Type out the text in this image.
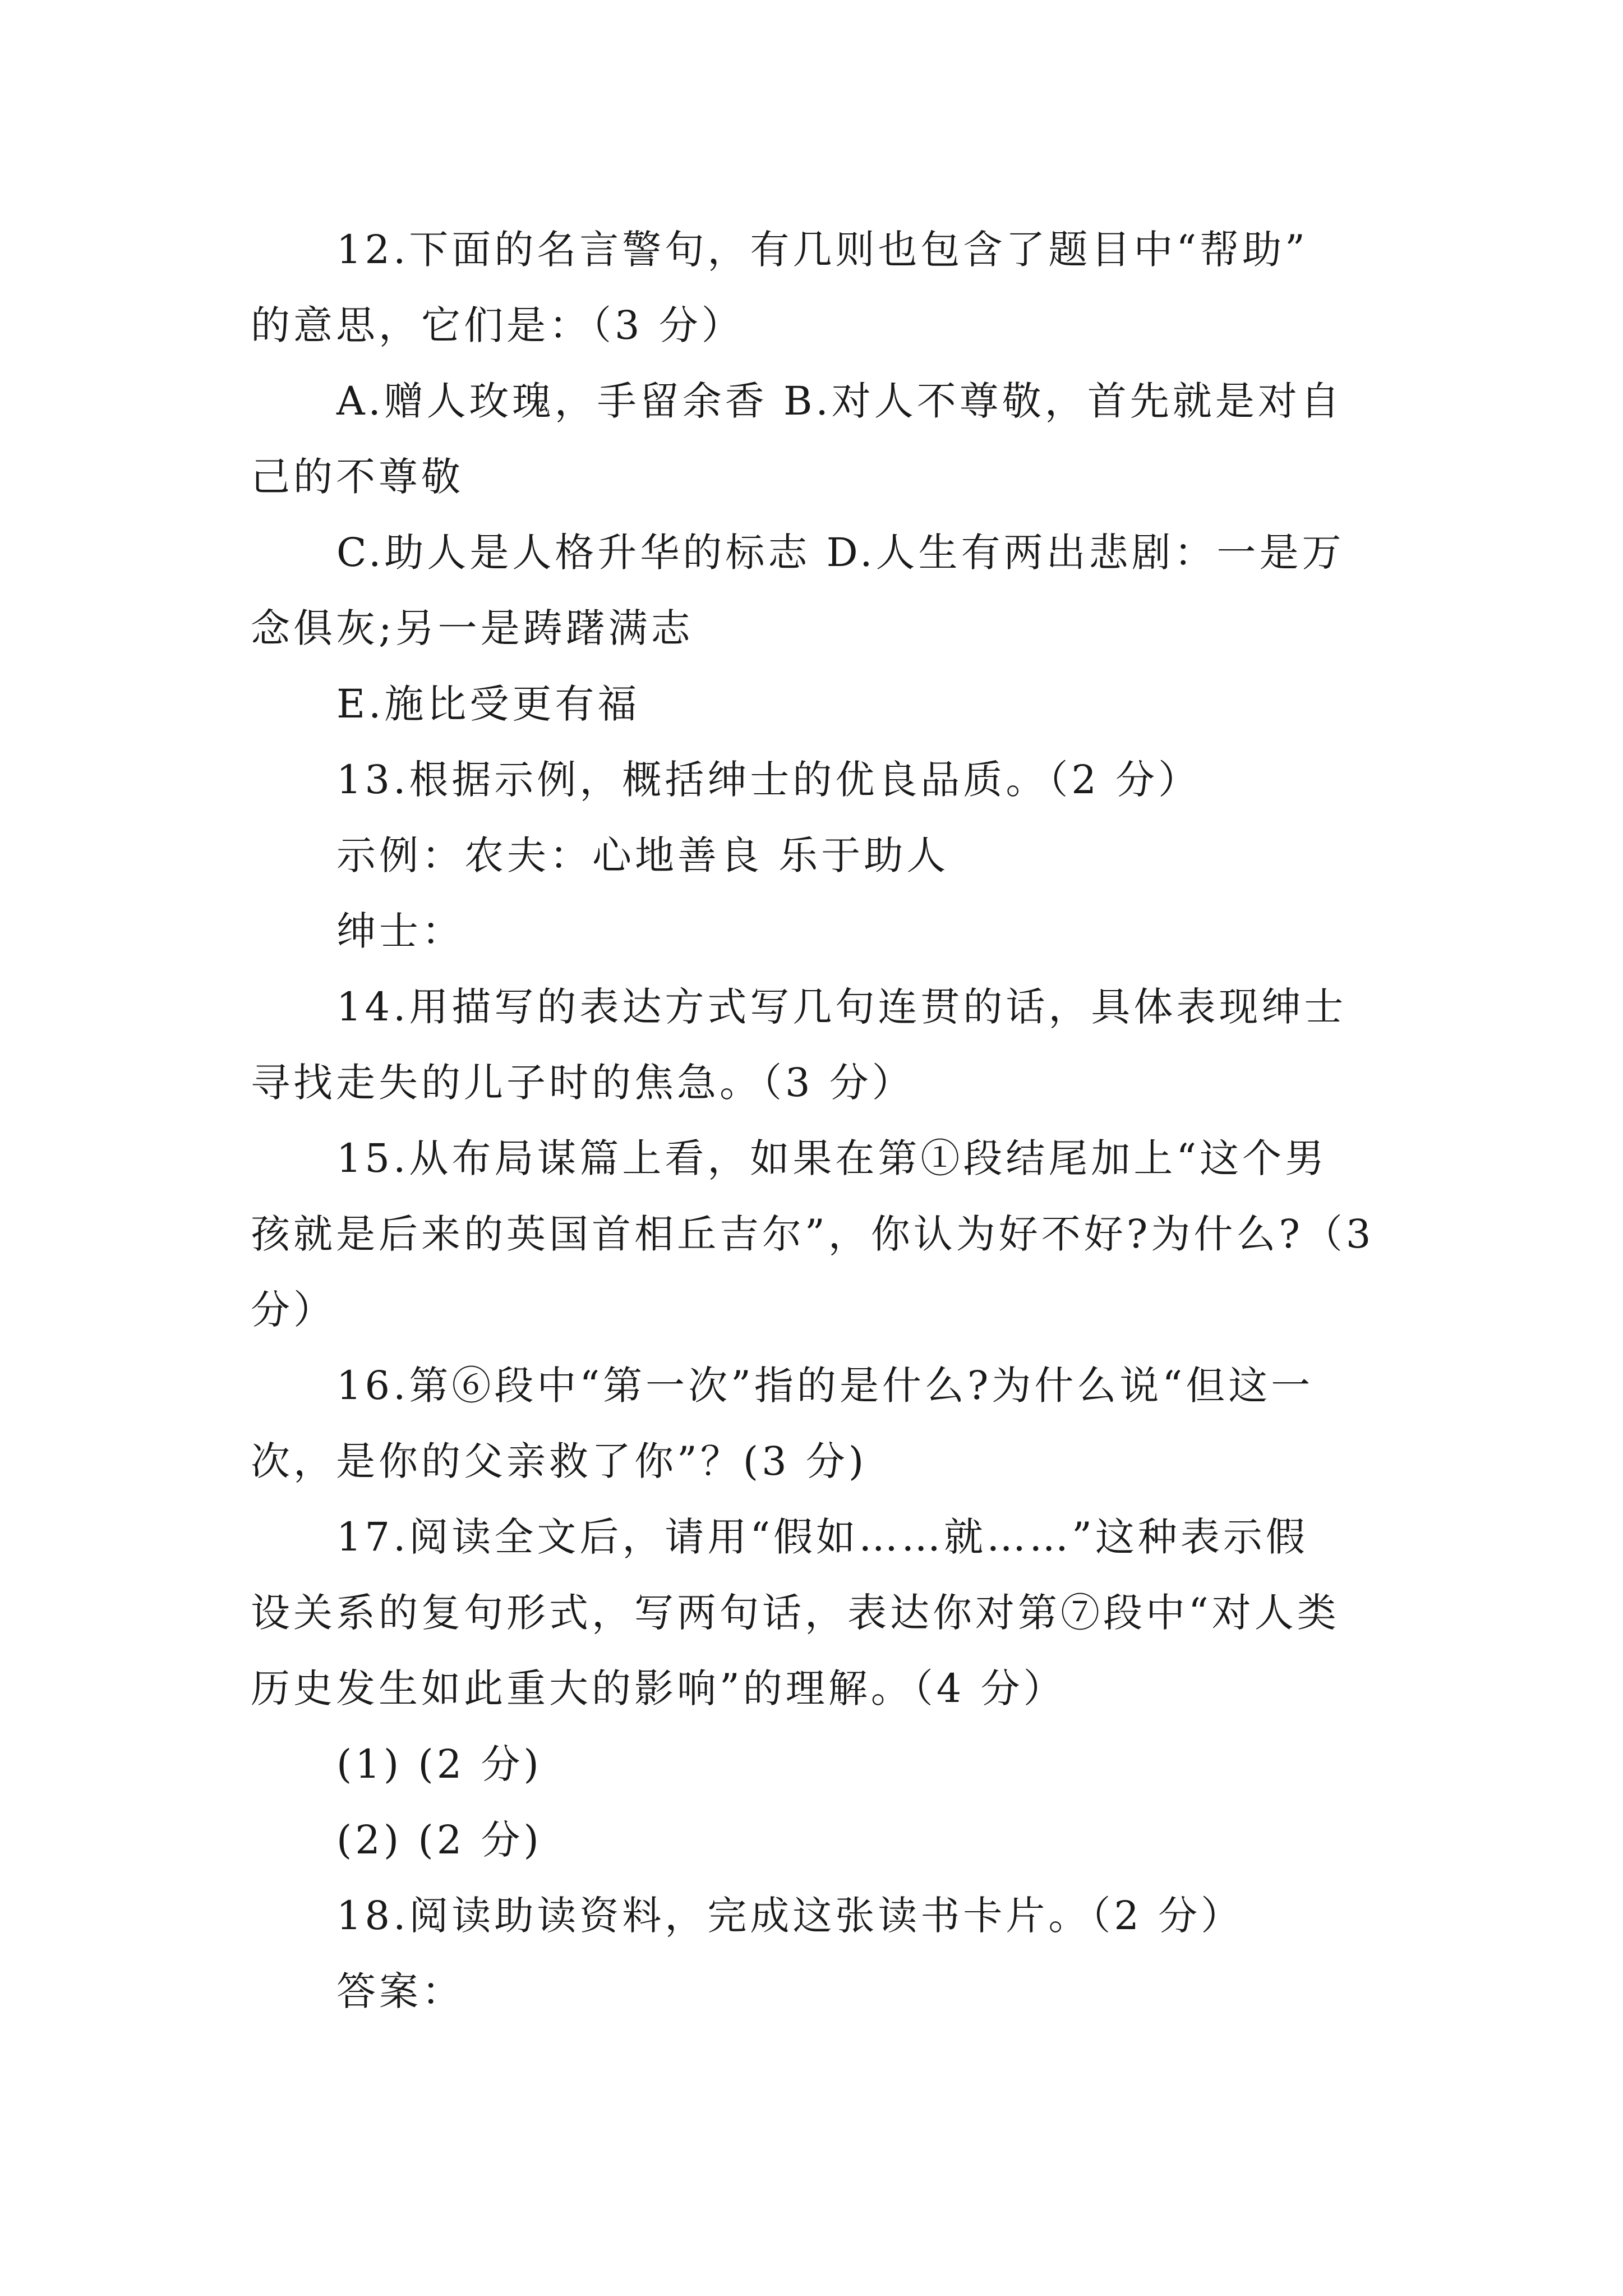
12.下面的名言警句，有几则也包含了题目中“帮助”
的意思，它们是：（3 分）
A.赠人玫瑰，手留余香 B.对人不尊敬，首先就是对自
己的不尊敬
C.助人是人格升华的标志 D.人生有两出悲剧：一是万
念俱灰;另一是踌躇满志
E.施比受更有福
13.根据示例，概括绅士的优良品质。（2 分）
示例：农夫：心地善良 乐于助人
绅士：
14.用描写的表达方式写几句连贯的话，具体表现绅士
寻找走失的儿子时的焦急。（3 分）
15.从布局谋篇上看，如果在第①段结尾加上“这个男
孩就是后来的英国首相丘吉尔”，你认为好不好?为什么?（3
分）
16.第⑥段中“第一次”指的是什么?为什么说“但这一
次，是你的父亲救了你”？(3 分)
17.阅读全文后，请用“假如……就……”这种表示假
设关系的复句形式，写两句话，表达你对第⑦段中“对人类
历史发生如此重大的影响”的理解。（4 分）
(1) (2 分)
(2) (2 分)
18.阅读助读资料，完成这张读书卡片。（2 分）
答案：
